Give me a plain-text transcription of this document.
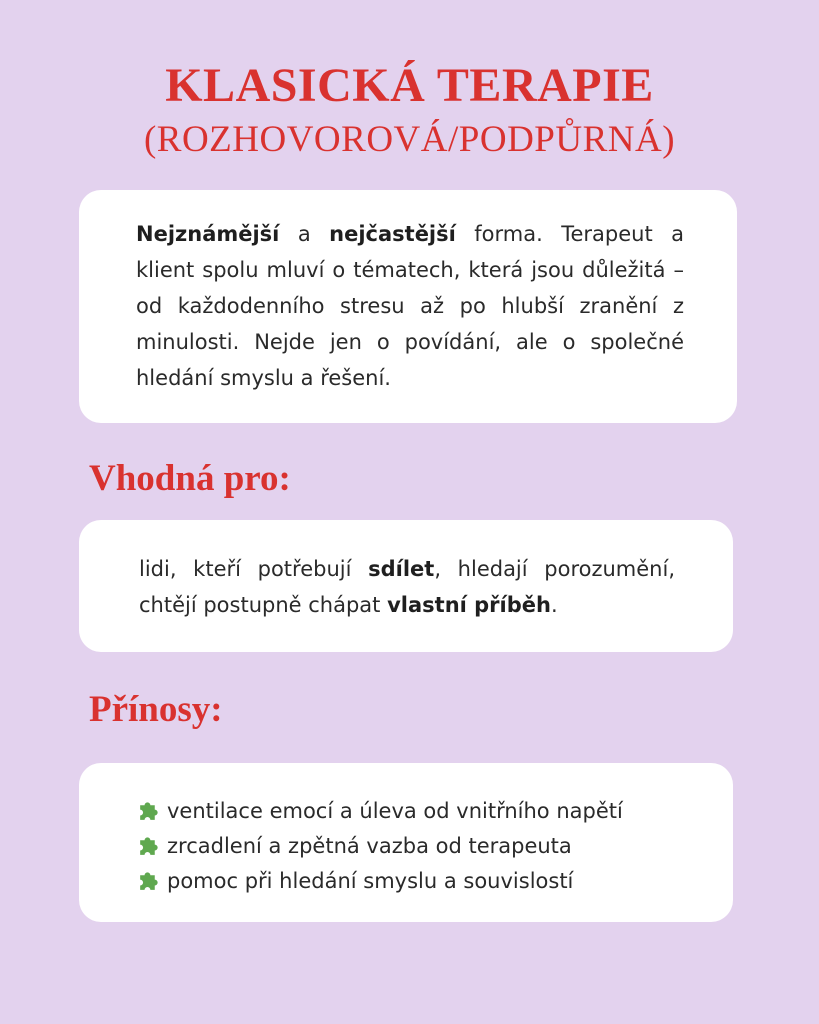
KLASICKÁ TERAPIE
(ROZHOVOROVÁ/PODPŮRNÁ)
Nejznámější a nejčastější forma. Terapeut a klient spolu mluví o tématech, která jsou důležitá – od každodenního stresu až po hlubší zranění z minulosti. Nejde jen o povídání, ale o společné hledání smyslu a řešení.
Vhodná pro:
lidi, kteří potřebují sdílet, hledají porozumění, chtějí postupně chápat vlastní příběh.
Přínosy:
ventilace emocí a úleva od vnitřního napětí
zrcadlení a zpětná vazba od terapeuta
pomoc při hledání smyslu a souvislostí
